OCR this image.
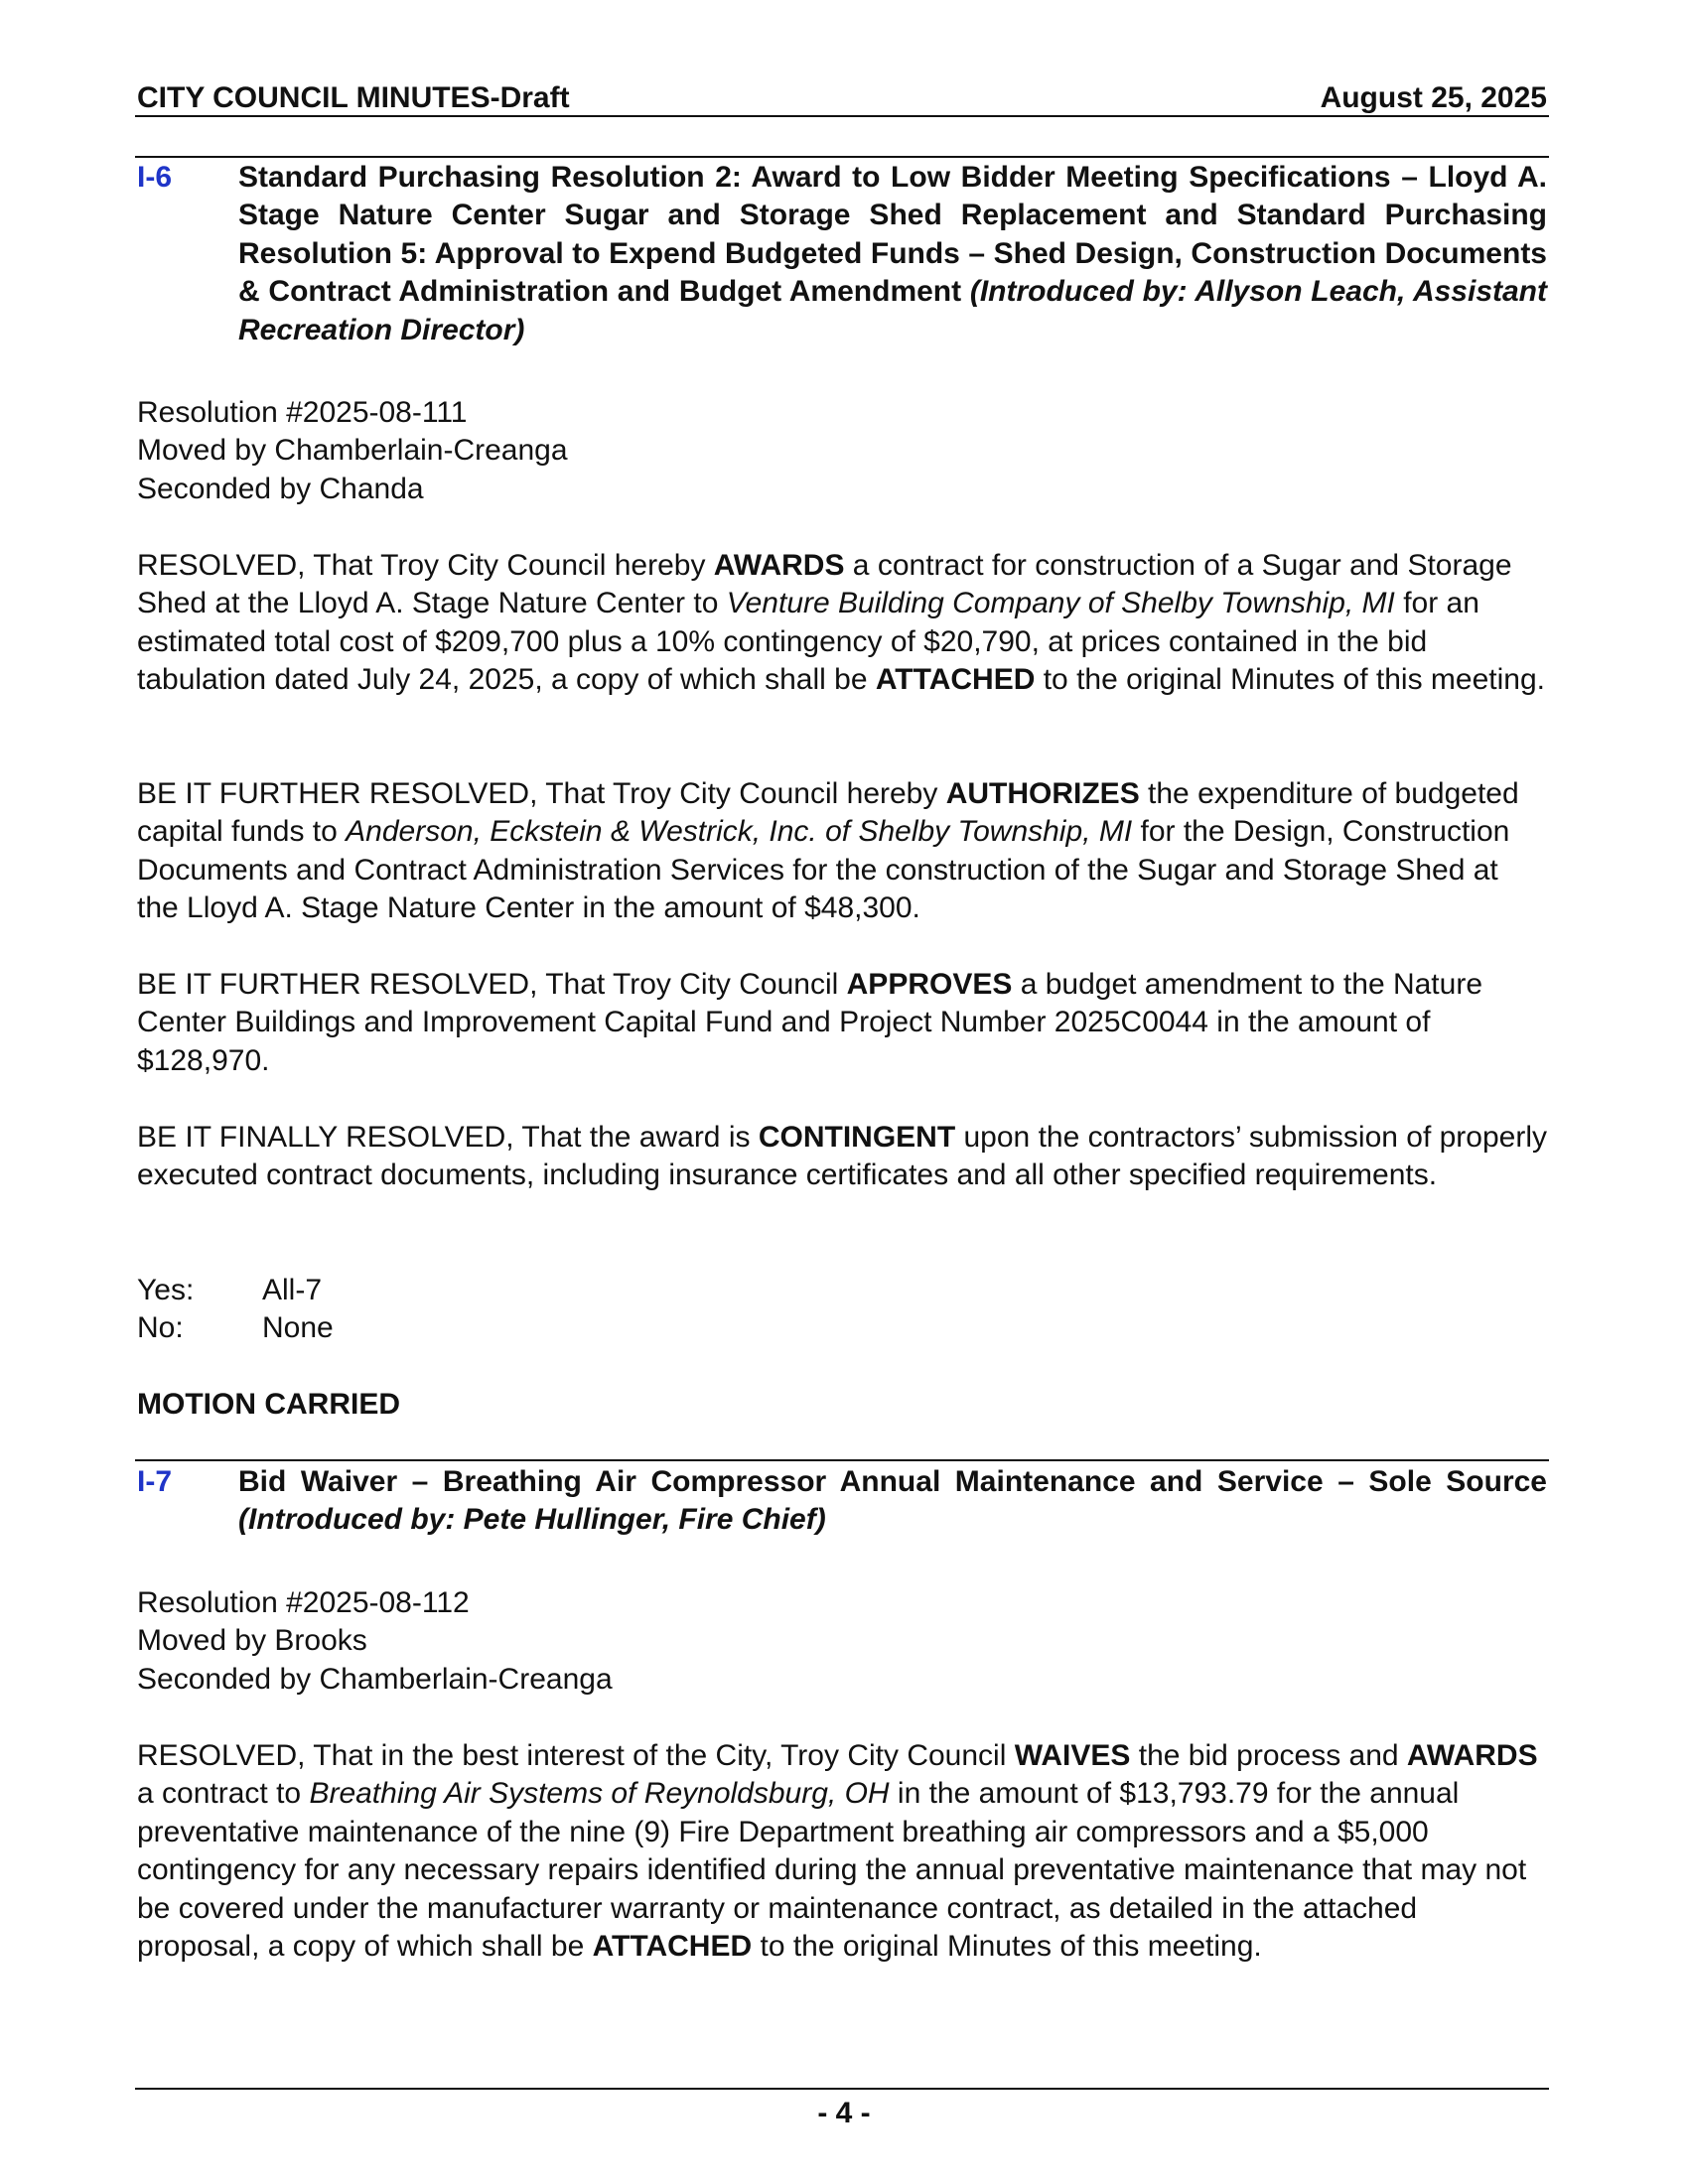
CITY COUNCIL MINUTES-Draft	August 25, 2025
I-6	Standard Purchasing Resolution 2: Award to Low Bidder Meeting Specifications – Lloyd A. Stage Nature Center Sugar and Storage Shed Replacement and Standard Purchasing Resolution 5: Approval to Expend Budgeted Funds – Shed Design, Construction Documents & Contract Administration and Budget Amendment (Introduced by: Allyson Leach, Assistant Recreation Director)

Resolution #2025-08-111

Moved by Chamberlain-Creanga

Seconded by Chanda

RESOLVED, That Troy City Council hereby AWARDS a contract for construction of a Sugar and Storage Shed at the Lloyd A. Stage Nature Center to Venture Building Company of Shelby Township, MI for an estimated total cost of $209,700 plus a 10% contingency of $20,790, at prices contained in the bid tabulation dated July 24, 2025, a copy of which shall be ATTACHED to the original Minutes of this meeting.

BE IT FURTHER RESOLVED, That Troy City Council hereby AUTHORIZES the expenditure of budgeted capital funds to Anderson, Eckstein & Westrick, Inc. of Shelby Township, MI for the Design, Construction Documents and Contract Administration Services for the construction of the Sugar and Storage Shed at the Lloyd A. Stage Nature Center in the amount of $48,300.

BE IT FURTHER RESOLVED, That Troy City Council APPROVES a budget amendment to the Nature Center Buildings and Improvement Capital Fund and Project Number 2025C0044 in the amount of $128,970.

BE IT FINALLY RESOLVED, That the award is CONTINGENT upon the contractors’ submission of properly executed contract documents, including insurance certificates and all other specified requirements.

Yes:	All-7
No:	None
MOTION CARRIED
I-7	Bid Waiver – Breathing Air Compressor Annual Maintenance and Service – Sole Source (Introduced by: Pete Hullinger, Fire Chief)

Resolution #2025-08-112

Moved by Brooks

Seconded by Chamberlain-Creanga

RESOLVED, That in the best interest of the City, Troy City Council WAIVES the bid process and AWARDS a contract to Breathing Air Systems of Reynoldsburg, OH in the amount of $13,793.79 for the annual preventative maintenance of the nine (9) Fire Department breathing air compressors and a $5,000 contingency for any necessary repairs identified during the annual preventative maintenance that may not be covered under the manufacturer warranty or maintenance contract, as detailed in the attached proposal, a copy of which shall be ATTACHED to the original Minutes of this meeting.

- 4 -
